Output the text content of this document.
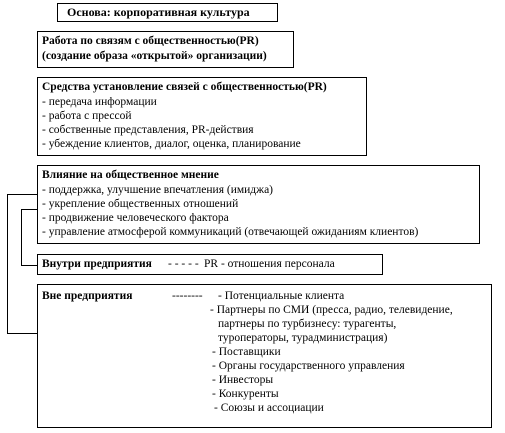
Основа: корпоративная культура
Работа по связям с общественностью(PR)
(создание образа «открытой» организации)
Средства установление связей с общественностью(PR)
- передача информации
- работа с прессой
- собственные представления, PR-действия
- убеждение клиентов, диалог, оценка, планирование
Влияние на общественное мнение
- поддержка, улучшение впечатления (имиджа)
- укрепление общественных отношений
- продвижение человеческого фактора
- управление атмосферой коммуникаций (отвечающей ожиданиям клиентов)
Внутри предприятия - - - - - PR - отношения персонала
Вне предприятия	-------- - Потенциальные клиента
- Партнеры по СМИ (пресса, радио, телевидение,
партнеры по турбизнесу: турагенты,
туроператоры, турадминистрация)
- Поставщики
- Органы государственного управления
- Инвесторы
- Конкуренты
- Союзы и ассоциации
